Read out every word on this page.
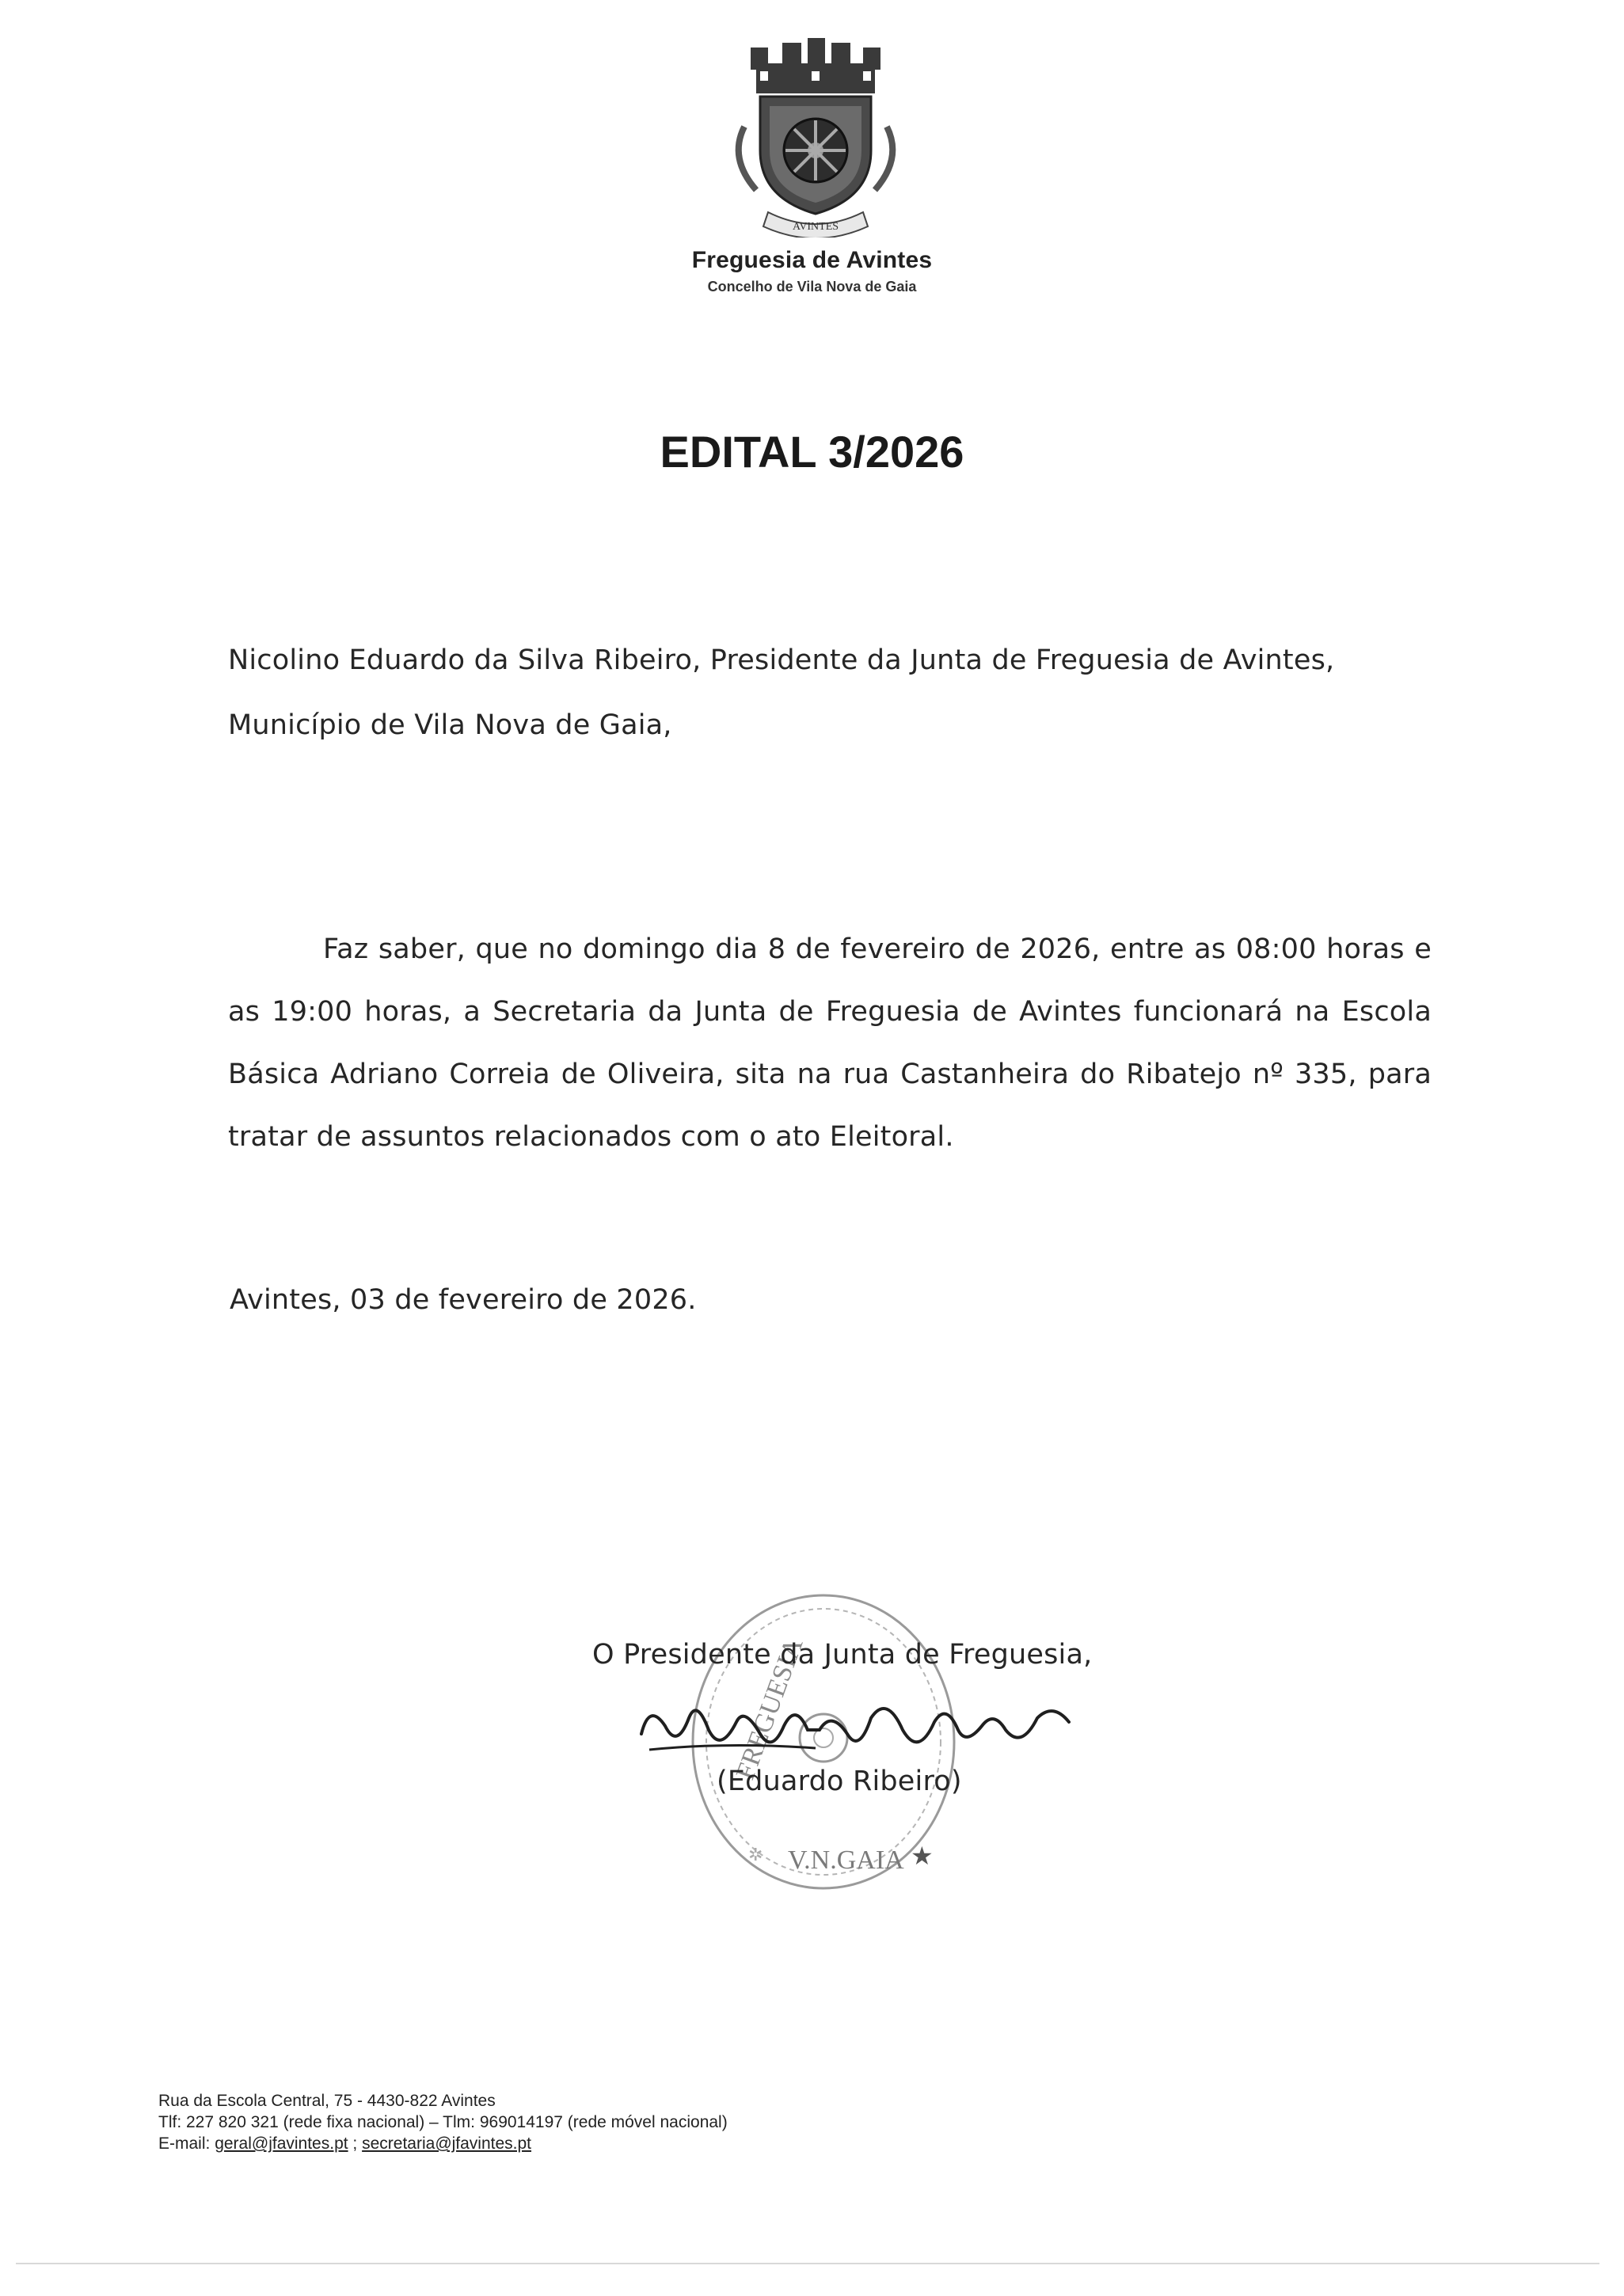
AVINTES
Freguesia de Avintes
Concelho de Vila Nova de Gaia
EDITAL 3/2026
Nicolino Eduardo da Silva Ribeiro, Presidente da Junta de Freguesia de Avintes, Município de Vila Nova de Gaia,
Faz saber, que no domingo dia 8 de fevereiro de 2026, entre as 08:00 horas e as 19:00 horas, a Secretaria da Junta de Freguesia de Avintes funcionará na Escola Básica Adriano Correia de Oliveira, sita na rua Castanheira do Ribatejo nº 335, para tratar de assuntos relacionados com o ato Eleitoral.
Avintes, 03 de fevereiro de 2026.
FREGUESIA
V.N.GAIA ★
✲
O Presidente da Junta de Freguesia,
(Eduardo Ribeiro)
Rua da Escola Central, 75 - 4430-822 Avintes
Tlf: 227 820 321 (rede fixa nacional) – Tlm: 969014197 (rede móvel nacional)
E-mail: geral@jfavintes.pt ; secretaria@jfavintes.pt
